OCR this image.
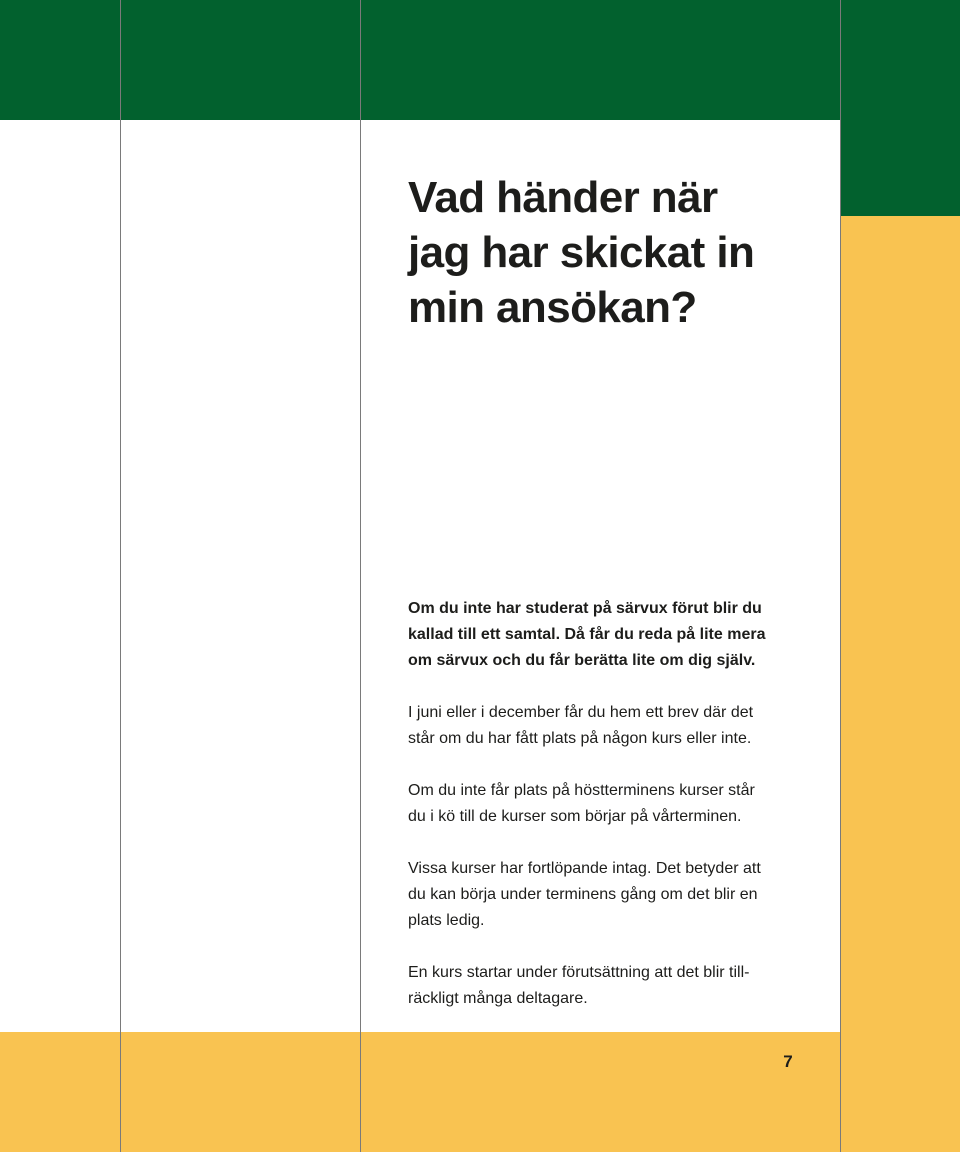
Vad händer när
jag har skickat in
min ansökan?

Om du inte har studerat på särvux förut blir du
kallad till ett samtal. Då får du reda på lite mera
om särvux och du får berätta lite om dig själv.

I juni eller i december får du hem ett brev där det
står om du har fått plats på någon kurs eller inte.

Om du inte får plats på höstterminens kurser står
du i kö till de kurser som börjar på vårterminen.

Vissa kurser har fortlöpande intag. Det betyder att
du kan börja under terminens gång om det blir en
plats ledig.

En kurs startar under förutsättning att det blir till-
räckligt många deltagare.

7
